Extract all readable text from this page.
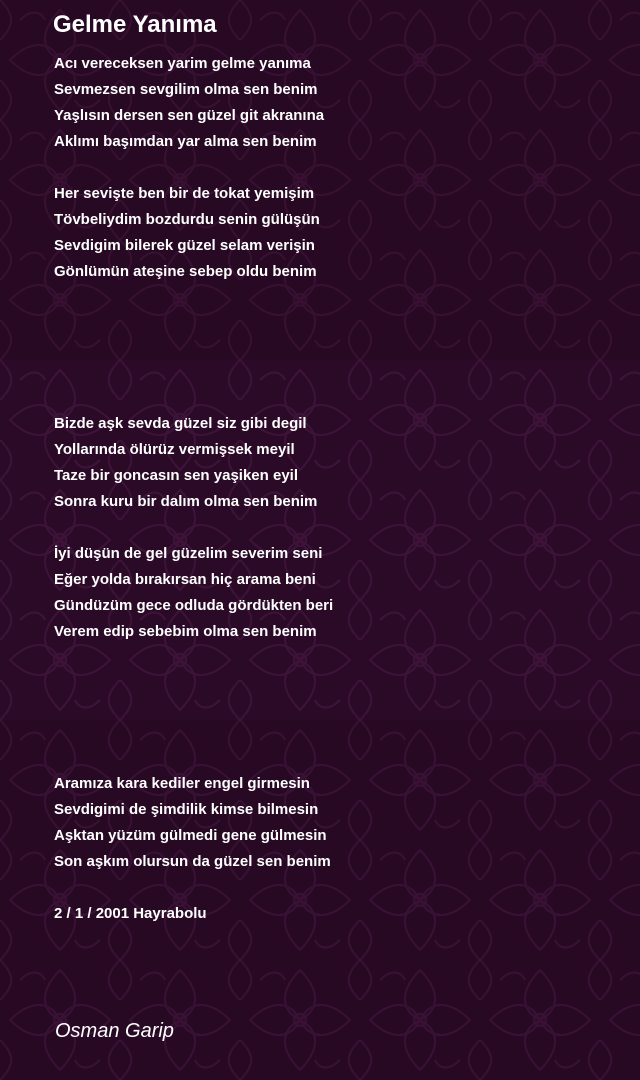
Gelme Yanıma
Acı vereceksen yarim gelme yanıma
Sevmezsen sevgilim olma sen benim
Yaşlısın dersen sen güzel git akranına
Aklımı başımdan yar alma sen benim
Her sevişte ben bir de tokat yemişim
Tövbeliydim bozdurdu senin gülüşün
Sevdigim bilerek güzel selam verişin
Gönlümün ateşine sebep oldu benim
Bizde aşk sevda güzel siz gibi degil
Yollarında ölürüz vermişsek meyil
Taze bir goncasın sen yaşiken eyil
Sonra kuru bir dalım olma sen benim
İyi düşün de gel güzelim severim seni
Eğer yolda bırakırsan hiç arama beni
Gündüzüm gece odluda gördükten beri
Verem edip sebebim olma sen benim
Aramıza kara kediler engel girmesin
Sevdigimi de şimdilik kimse bilmesin
Aşktan yüzüm gülmedi gene gülmesin
Son aşkım olursun da güzel sen benim
2 / 1 / 2001 Hayrabolu
Osman Garip
